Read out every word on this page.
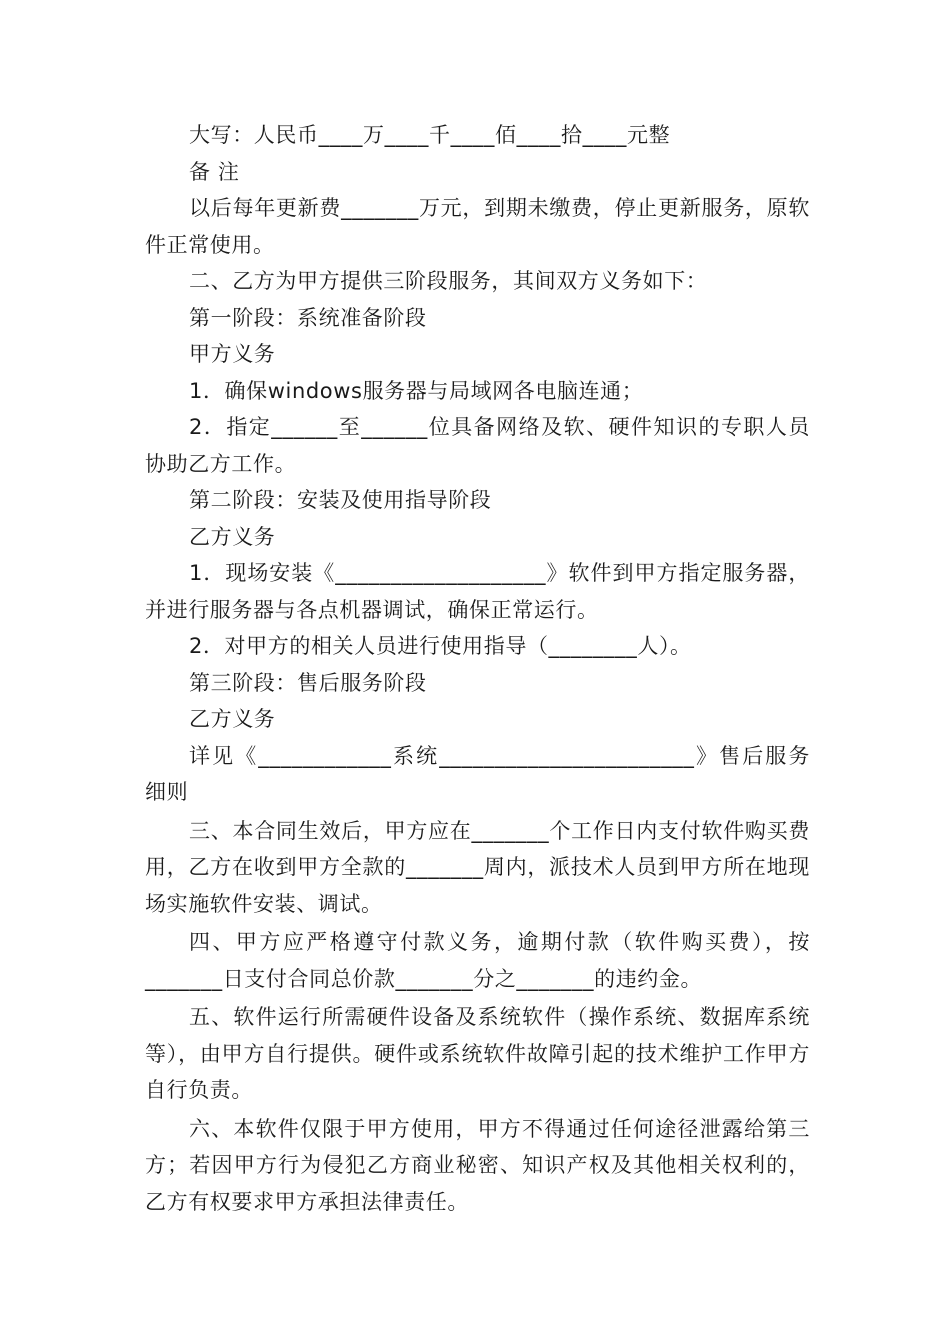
大写：人民币____万____千____佰____拾____元整

备 注

以后每年更新费_______万元，到期未缴费，停止更新服务，原软件正常使用。

二、乙方为甲方提供三阶段服务，其间双方义务如下：

第一阶段：系统准备阶段

甲方义务

1．确保windows服务器与局域网各电脑连通；

2．指定______至______位具备网络及软、硬件知识的专职人员协助乙方工作。

第二阶段：安装及使用指导阶段

乙方义务

1．现场安装《___________________》软件到甲方指定服务器，并进行服务器与各点机器调试，确保正常运行。

2．对甲方的相关人员进行使用指导（________人）。

第三阶段：售后服务阶段

乙方义务

详见《____________系统_______________________》售后服务细则

三、本合同生效后，甲方应在_______个工作日内支付软件购买费用，乙方在收到甲方全款的_______周内，派技术人员到甲方所在地现场实施软件安装、调试。

四、甲方应严格遵守付款义务，逾期付款（软件购买费），按_______日支付合同总价款_______分之_______的违约金。

五、软件运行所需硬件设备及系统软件（操作系统、数据库系统等），由甲方自行提供。硬件或系统软件故障引起的技术维护工作甲方自行负责。

六、本软件仅限于甲方使用，甲方不得通过任何途径泄露给第三方；若因甲方行为侵犯乙方商业秘密、知识产权及其他相关权利的，乙方有权要求甲方承担法律责任。
